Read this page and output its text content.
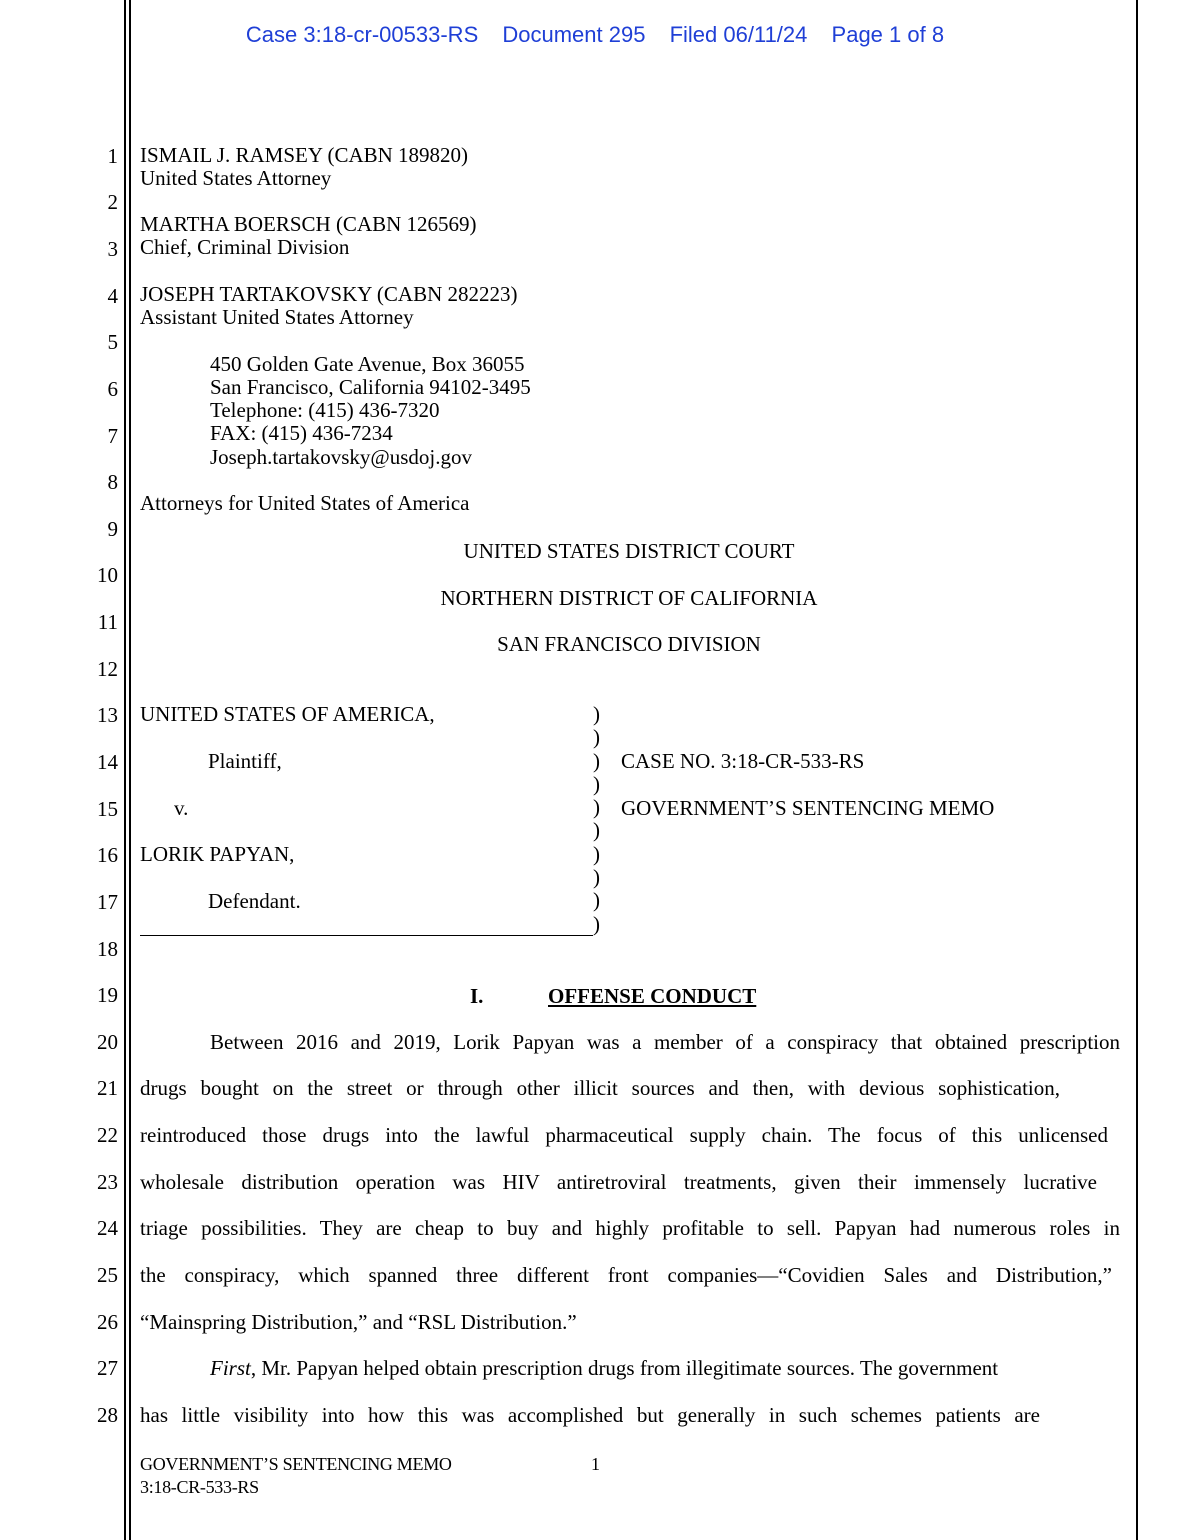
Case 3:18-cr-00533-RS Document 295 Filed 06/11/24 Page 1 of 8
1
2
3
4
5
6
7
8
9
10
11
12
13
14
15
16
17
18
19
20
21
22
23
24
25
26
27
28
ISMAIL J. RAMSEY (CABN 189820)
United States Attorney
MARTHA BOERSCH (CABN 126569)
Chief, Criminal Division
JOSEPH TARTAKOVSKY (CABN 282223)
Assistant United States Attorney
450 Golden Gate Avenue, Box 36055
San Francisco, California 94102-3495
Telephone: (415) 436-7320
FAX: (415) 436-7234
Joseph.tartakovsky@usdoj.gov
Attorneys for United States of America
UNITED STATES DISTRICT COURT
NORTHERN DISTRICT OF CALIFORNIA
SAN FRANCISCO DIVISION
UNITED STATES OF AMERICA,
Plaintiff,
v.
LORIK PAPYAN,
Defendant.
)
)
)
)
)
)
)
)
)
)
CASE NO. 3:18-CR-533-RS
GOVERNMENT’S SENTENCING MEMO
I.	OFFENSE CONDUCT
Between 2016 and 2019, Lorik Papyan was a member of a conspiracy that obtained prescription
drugs bought on the street or through other illicit sources and then, with devious sophistication,
reintroduced those drugs into the lawful pharmaceutical supply chain. The focus of this unlicensed
wholesale distribution operation was HIV antiretroviral treatments, given their immensely lucrative
triage possibilities. They are cheap to buy and highly profitable to sell. Papyan had numerous roles in
the conspiracy, which spanned three different front companies—“Covidien Sales and Distribution,”
“Mainspring Distribution,” and “RSL Distribution.”
First, Mr. Papyan helped obtain prescription drugs from illegitimate sources. The government
has little visibility into how this was accomplished but generally in such schemes patients are
GOVERNMENT’S SENTENCING MEMO
3:18-CR-533-RS
1
